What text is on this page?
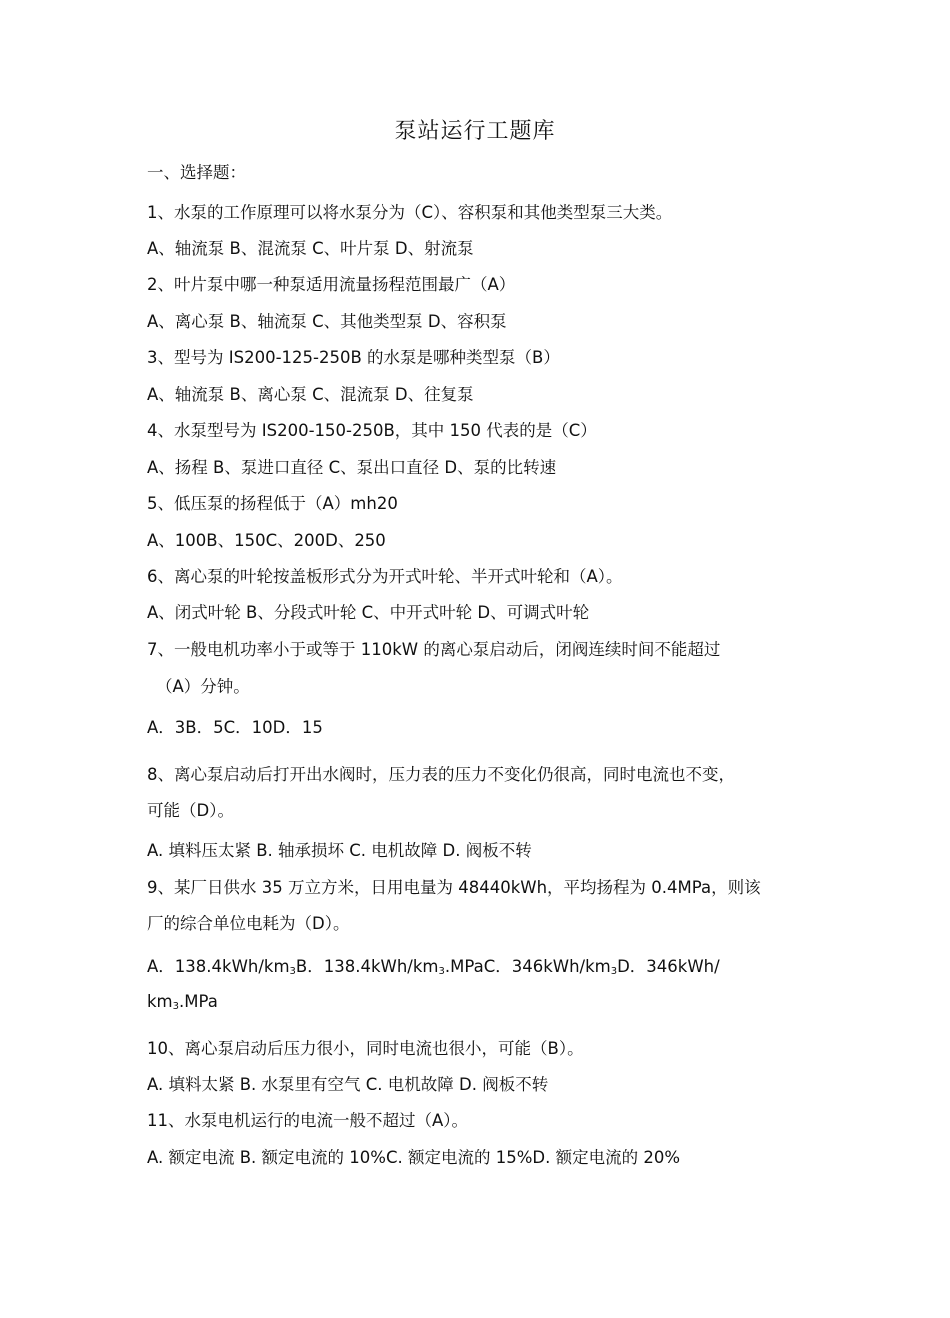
泵站运行工题库
一、选择题：
1、水泵的工作原理可以将水泵分为（C）、容积泵和其他类型泵三大类。
A、轴流泵 B、混流泵 C、叶片泵 D、射流泵
2、叶片泵中哪一种泵适用流量扬程范围最广（A）
A、离心泵 B、轴流泵 C、其他类型泵 D、容积泵
3、型号为 IS200-125-250B 的水泵是哪种类型泵（B）
A、轴流泵 B、离心泵 C、混流泵 D、往复泵
4、水泵型号为 IS200-150-250B，其中 150 代表的是（C）
A、扬程 B、泵进口直径 C、泵出口直径 D、泵的比转速
5、低压泵的扬程低于（A）mh20
A、100B、150C、200D、250
6、离心泵的叶轮按盖板形式分为开式叶轮、半开式叶轮和（A）。
A、闭式叶轮 B、分段式叶轮 C、中开式叶轮 D、可调式叶轮
7、一般电机功率小于或等于 110kW 的离心泵启动后，闭阀连续时间不能超过
（A）分钟。
A．3B．5C．10D．15
8、离心泵启动后打开出水阀时，压力表的压力不变化仍很高，同时电流也不变，
可能（D）。
A. 填料压太紧 B. 轴承损坏 C. 电机故障 D. 阀板不转
9、某厂日供水 35 万立方米，日用电量为 48440kWh，平均扬程为 0.4MPa，则该
厂的综合单位电耗为（D）。
A．$138.4kWh/km_3B$．$138.4kWh/km_3.MPaC$．$346kWh/km_3D$．346kWh/
$km_3.MPa$
10、离心泵启动后压力很小，同时电流也很小，可能（B）。
A. 填料太紧 B. 水泵里有空气 C. 电机故障 D. 阀板不转
11、水泵电机运行的电流一般不超过（A）。
A. 额定电流 B. 额定电流的 10%C. 额定电流的 15%D. 额定电流的 20%
